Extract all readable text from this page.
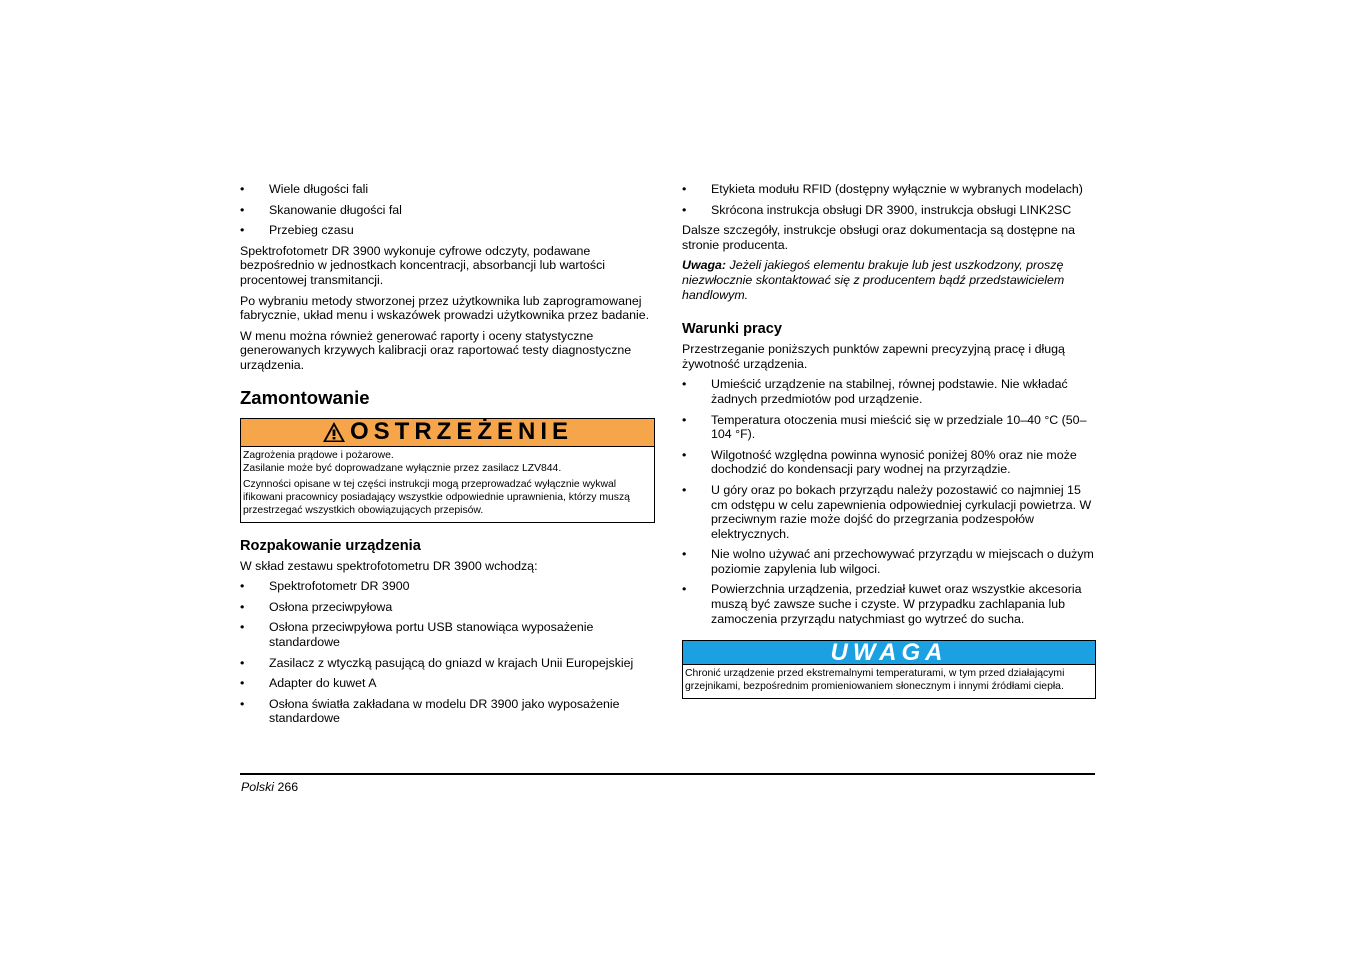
• Wiele długości fali
• Skanowanie długości fal
• Przebieg czasu

Spektrofotometr DR 3900 wykonuje cyfrowe odczyty, podawane bezpośrednio w jednostkach koncentracji, absorbancji lub wartości procentowej transmitancji.

Po wybraniu metody stworzonej przez użytkownika lub zaprogramowanej fabrycznie, układ menu i wskazówek prowadzi użytkownika przez badanie.

W menu można również generować raporty i oceny statystyczne generowanych krzywych kalibracji oraz raportować testy diagnostyczne urządzenia.

Zamontowanie
OSTRZEŻENIE

Zagrożenia prądowe i pożarowe.
Zasilanie może być doprowadzane wyłącznie przez zasilacz LZV844.

Czynności opisane w tej części instrukcji mogą przeprowadzać wyłącznie wykwal ifikowani pracownicy posiadający wszystkie odpowiednie uprawnienia, którzy muszą przestrzegać wszystkich obowiązujących przepisów.

Rozpakowanie urządzenia

W skład zestawu spektrofotometru DR 3900 wchodzą:

• Spektrofotometr DR 3900
• Osłona przeciwpyłowa
• Osłona przeciwpyłowa portu USB stanowiąca wyposażenie standardowe
• Zasilacz z wtyczką pasującą do gniazd w krajach Unii Europejskiej
• Adapter do kuwet A
• Osłona światła zakładana w modelu DR 3900 jako wyposażenie standardowe
• Etykieta modułu RFID (dostępny wyłącznie w wybranych modelach)
• Skrócona instrukcja obsługi DR 3900, instrukcja obsługi LINK2SC

Dalsze szczegóły, instrukcje obsługi oraz dokumentacja są dostępne na stronie producenta.

Uwaga: Jeżeli jakiegoś elementu brakuje lub jest uszkodzony, proszę niezwłocznie skontaktować się z producentem bądź przedstawicielem handlowym.

Warunki pracy

Przestrzeganie poniższych punktów zapewni precyzyjną pracę i długą żywotność urządzenia.

• Umieścić urządzenie na stabilnej, równej podstawie. Nie wkładać żadnych przedmiotów pod urządzenie.
• Temperatura otoczenia musi mieścić się w przedziale 10–40 °C (50–104 °F).
• Wilgotność względna powinna wynosić poniżej 80% oraz nie może dochodzić do kondensacji pary wodnej na przyrządzie.
• U góry oraz po bokach przyrządu należy pozostawić co najmniej 15 cm odstępu w celu zapewnienia odpowiedniej cyrkulacji powietrza. W przeciwnym razie może dojść do przegrzania podzespołów elektrycznych.
• Nie wolno używać ani przechowywać przyrządu w miejscach o dużym poziomie zapylenia lub wilgoci.
• Powierzchnia urządzenia, przedział kuwet oraz wszystkie akcesoria muszą być zawsze suche i czyste. W przypadku zachlapania lub zamoczenia przyrządu natychmiast go wytrzeć do sucha.
UWAGA

Chronić urządzenie przed ekstremalnymi temperaturami, w tym przed działającymi grzejnikami, bezpośrednim promieniowaniem słonecznym i innymi źródłami ciepła.

Polski 266
